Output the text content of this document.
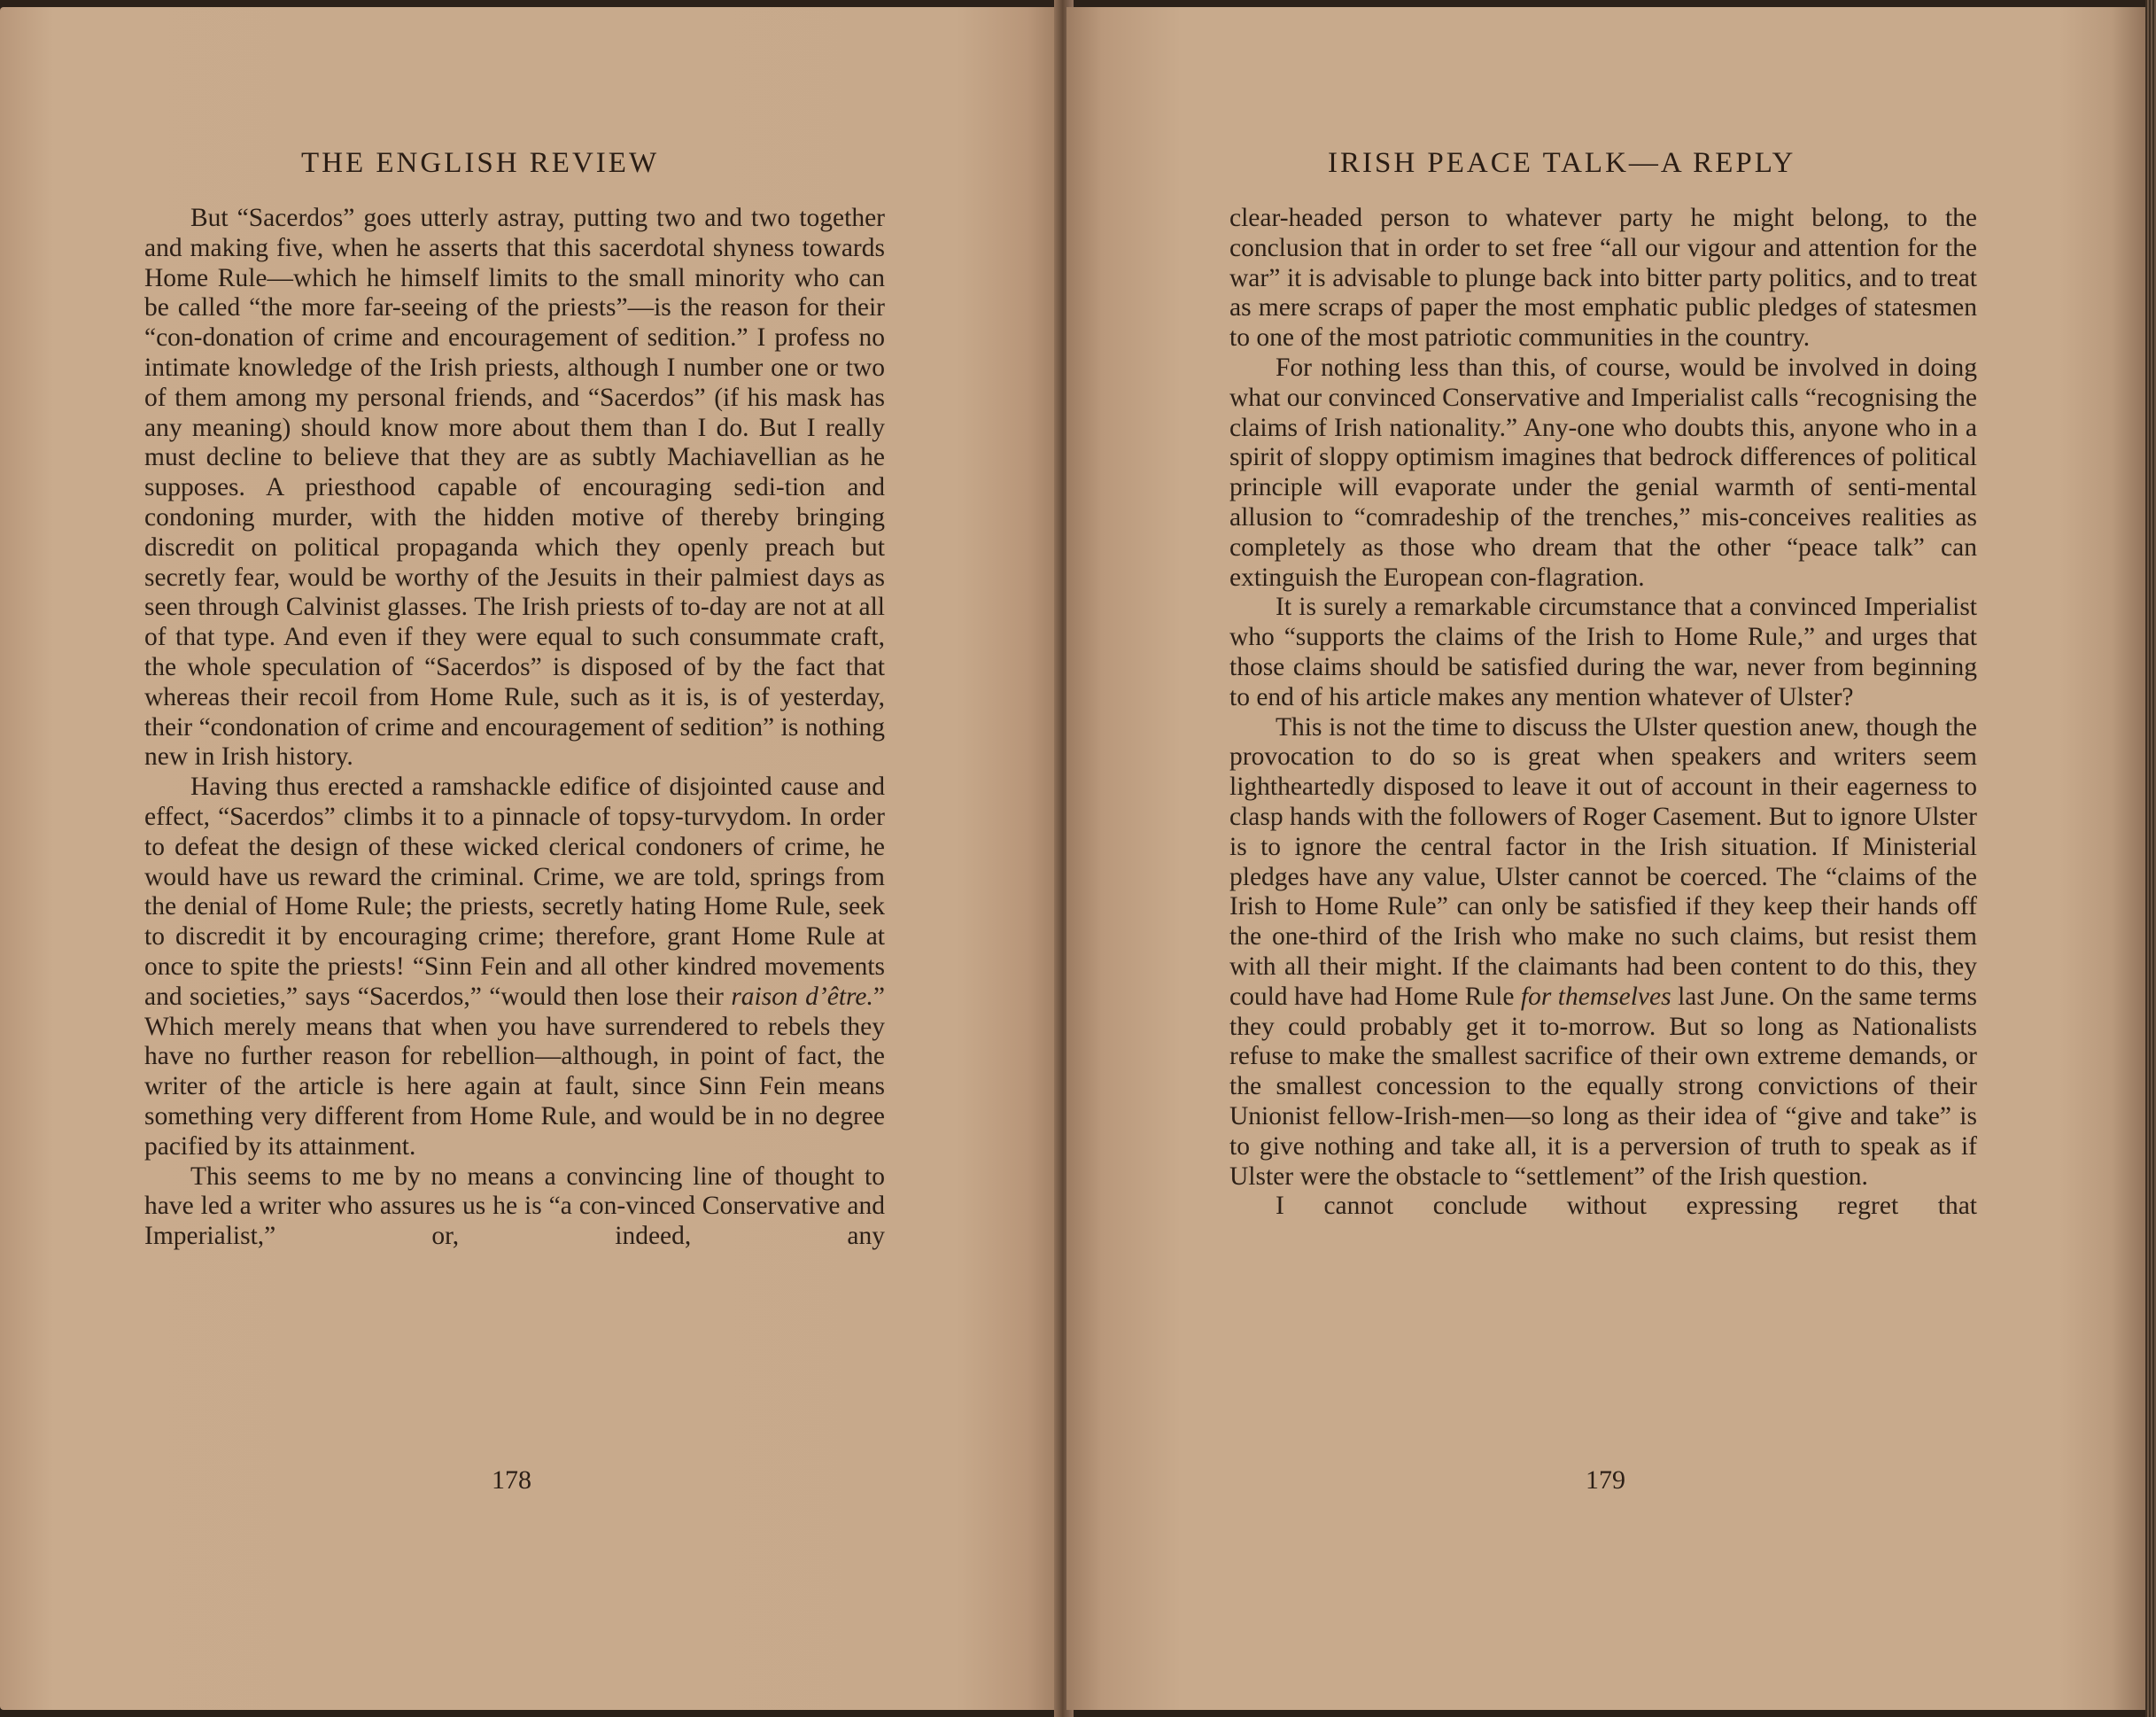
THE ENGLISH REVIEW

But “Sacerdos” goes utterly astray, putting two and two together and making five, when he asserts that this sacerdotal shyness towards Home Rule—which he himself limits to the small minority who can be called “the more far-seeing of the priests”—is the reason for their “con-donation of crime and encouragement of sedition.” I profess no intimate knowledge of the Irish priests, although I number one or two of them among my personal friends, and “Sacerdos” (if his mask has any meaning) should know more about them than I do. But I really must decline to believe that they are as subtly Machiavellian as he supposes. A priesthood capable of encouraging sedi-tion and condoning murder, with the hidden motive of thereby bringing discredit on political propaganda which they openly preach but secretly fear, would be worthy of the Jesuits in their palmiest days as seen through Calvinist glasses. The Irish priests of to-day are not at all of that type. And even if they were equal to such consummate craft, the whole speculation of “Sacerdos” is disposed of by the fact that whereas their recoil from Home Rule, such as it is, is of yesterday, their “condonation of crime and encouragement of sedition” is nothing new in Irish history.

Having thus erected a ramshackle edifice of disjointed cause and effect, “Sacerdos” climbs it to a pinnacle of topsy-turvydom. In order to defeat the design of these wicked clerical condoners of crime, he would have us reward the criminal. Crime, we are told, springs from the denial of Home Rule; the priests, secretly hating Home Rule, seek to discredit it by encouraging crime; therefore, grant Home Rule at once to spite the priests! “Sinn Fein and all other kindred movements and societies,” says “Sacerdos,” “would then lose their raison d’être.” Which merely means that when you have surrendered to rebels they have no further reason for rebellion—although, in point of fact, the writer of the article is here again at fault, since Sinn Fein means something very different from Home Rule, and would be in no degree pacified by its attainment.

This seems to me by no means a convincing line of thought to have led a writer who assures us he is “a con-vinced Conservative and Imperialist,” or, indeed, any

178
IRISH PEACE TALK—A REPLY

clear-headed person to whatever party he might belong, to the conclusion that in order to set free “all our vigour and attention for the war” it is advisable to plunge back into bitter party politics, and to treat as mere scraps of paper the most emphatic public pledges of statesmen to one of the most patriotic communities in the country.

For nothing less than this, of course, would be involved in doing what our convinced Conservative and Imperialist calls “recognising the claims of Irish nationality.” Any-one who doubts this, anyone who in a spirit of sloppy optimism imagines that bedrock differences of political principle will evaporate under the genial warmth of senti-mental allusion to “comradeship of the trenches,” mis-conceives realities as completely as those who dream that the other “peace talk” can extinguish the European con-flagration.

It is surely a remarkable circumstance that a convinced Imperialist who “supports the claims of the Irish to Home Rule,” and urges that those claims should be satisfied during the war, never from beginning to end of his article makes any mention whatever of Ulster?

This is not the time to discuss the Ulster question anew, though the provocation to do so is great when speakers and writers seem lightheartedly disposed to leave it out of account in their eagerness to clasp hands with the followers of Roger Casement. But to ignore Ulster is to ignore the central factor in the Irish situation. If Ministerial pledges have any value, Ulster cannot be coerced. The “claims of the Irish to Home Rule” can only be satisfied if they keep their hands off the one-third of the Irish who make no such claims, but resist them with all their might. If the claimants had been content to do this, they could have had Home Rule for themselves last June. On the same terms they could probably get it to-morrow. But so long as Nationalists refuse to make the smallest sacrifice of their own extreme demands, or the smallest concession to the equally strong convictions of their Unionist fellow-Irish-men—so long as their idea of “give and take” is to give nothing and take all, it is a perversion of truth to speak as if Ulster were the obstacle to “settlement” of the Irish question.

I cannot conclude without expressing regret that

179
